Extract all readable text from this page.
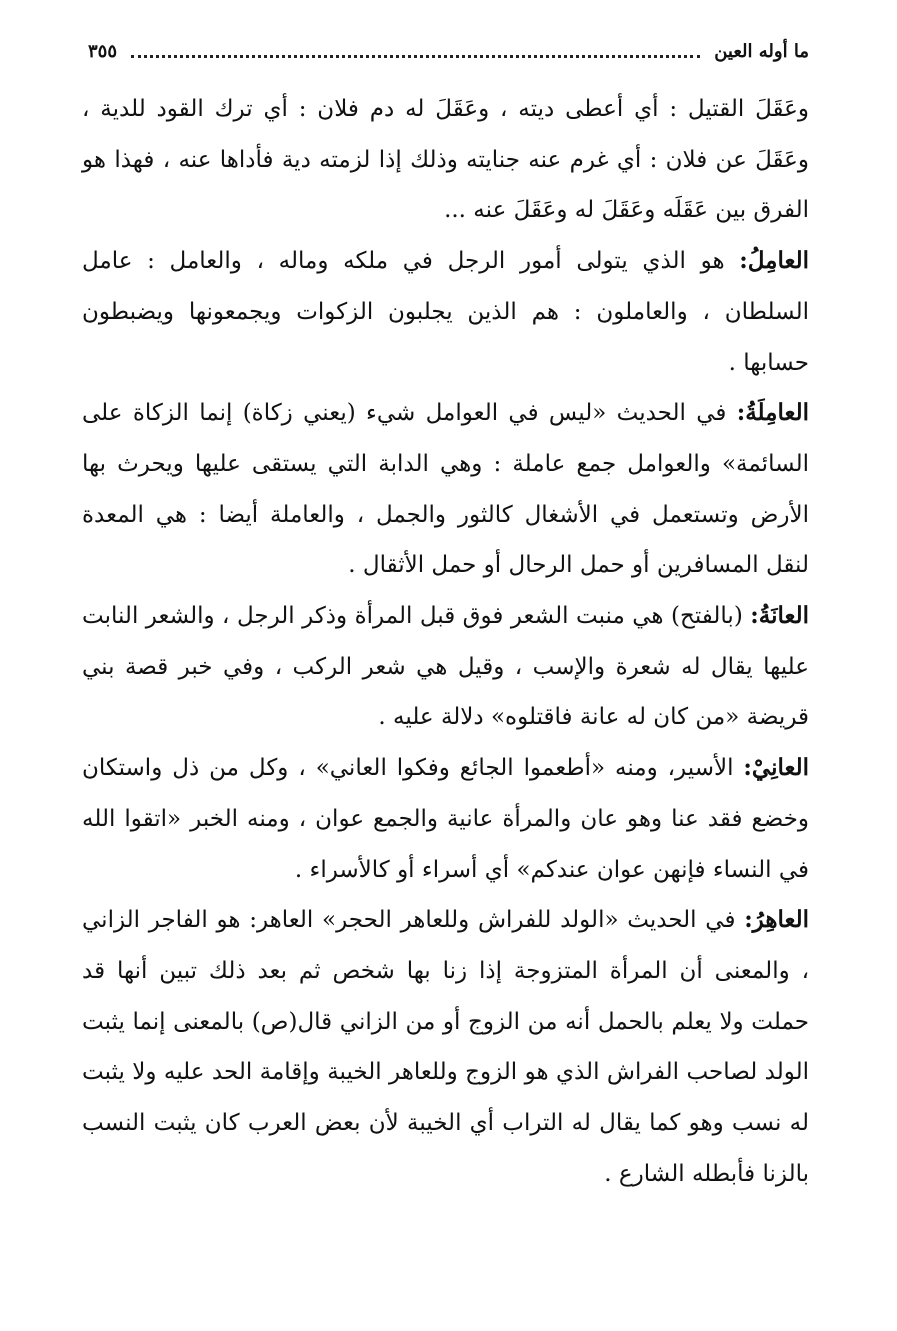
ما أوله العين
٣٥٥

وعَقَلَ القتيل : أي أعطى ديته ، وعَقَلَ له دم فلان : أي ترك القود للدية ، وعَقَلَ عن فلان : أي غرم عنه جنايته وذلك إذا لزمته دية فأداها عنه ، فهذا هو الفرق بين عَقَلَه وعَقَلَ له وعَقَلَ عنه ...

العامِلُ: هو الذي يتولى أمور الرجل في ملكه وماله ، والعامل : عامل السلطان ، والعاملون : هم الذين يجلبون الزكوات ويجمعونها ويضبطون حسابها .

العامِلَةُ: في الحديث «ليس في العوامل شيء (يعني زكاة) إنما الزكاة على السائمة» والعوامل جمع عاملة : وهي الدابة التي يستقى عليها ويحرث بها الأرض وتستعمل في الأشغال كالثور والجمل ، والعاملة أيضا : هي المعدة لنقل المسافرين أو حمل الرحال أو حمل الأثقال .

العانَةُ: (بالفتح) هي منبت الشعر فوق قبل المرأة وذكر الرجل ، والشعر النابت عليها يقال له شعرة والإسب ، وقيل هي شعر الركب ، وفي خبر قصة بني قريضة «من كان له عانة فاقتلوه» دلالة عليه .

العانِيْ: الأسير، ومنه «أطعموا الجائع وفكوا العاني» ، وكل من ذل واستكان وخضع فقد عنا وهو عان والمرأة عانية والجمع عوان ، ومنه الخبر «اتقوا الله في النساء فإنهن عوان عندكم» أي أسراء أو كالأسراء .

العاهِرُ: في الحديث «الولد للفراش وللعاهر الحجر» العاهر: هو الفاجر الزاني ، والمعنى أن المرأة المتزوجة إذا زنا بها شخص ثم بعد ذلك تبين أنها قد حملت ولا يعلم بالحمل أنه من الزوج أو من الزاني قال(ص) بالمعنى إنما يثبت الولد لصاحب الفراش الذي هو الزوج وللعاهر الخيبة وإقامة الحد عليه ولا يثبت له نسب وهو كما يقال له التراب أي الخيبة لأن بعض العرب كان يثبت النسب بالزنا فأبطله الشارع .
